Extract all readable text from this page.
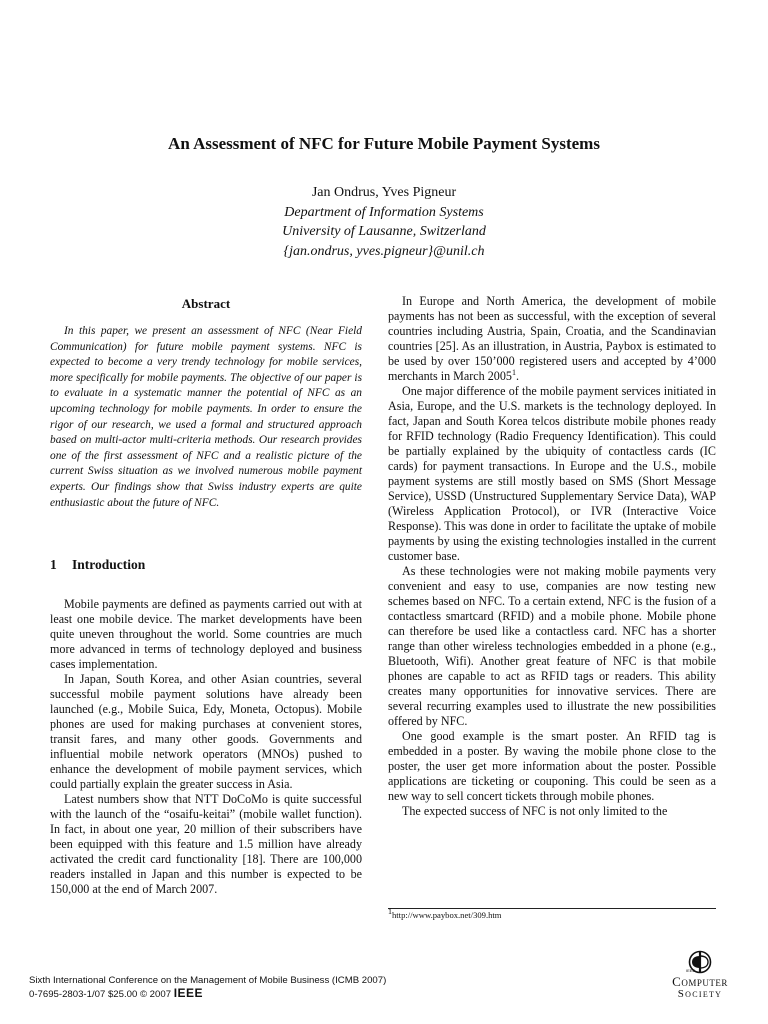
An Assessment of NFC for Future Mobile Payment Systems
Jan Ondrus, Yves Pigneur
Department of Information Systems
University of Lausanne, Switzerland
{jan.ondrus, yves.pigneur}@unil.ch
Abstract

In this paper, we present an assessment of NFC (Near Field Communication) for future mobile payment systems. NFC is expected to become a very trendy technology for mobile services, more specifically for mobile payments. The objective of our paper is to evaluate in a systematic manner the potential of NFC as an upcoming technology for mobile payments. In order to ensure the rigor of our research, we used a formal and structured approach based on multi-actor multi-criteria methods. Our research provides one of the first assessment of NFC and a realistic picture of the current Swiss situation as we involved numerous mobile payment experts. Our findings show that Swiss industry experts are quite enthusiastic about the future of NFC.

1 Introduction

Mobile payments are defined as payments carried out with at least one mobile device. The market developments have been quite uneven throughout the world. Some countries are much more advanced in terms of technology deployed and business cases implementation.

In Japan, South Korea, and other Asian countries, several successful mobile payment solutions have already been launched (e.g., Mobile Suica, Edy, Moneta, Octopus). Mobile phones are used for making purchases at convenient stores, transit fares, and many other goods. Governments and influential mobile network operators (MNOs) pushed to enhance the development of mobile payment services, which could partially explain the greater success in Asia.

Latest numbers show that NTT DoCoMo is quite successful with the launch of the “osaifu-keitai” (mobile wallet function). In fact, in about one year, 20 million of their subscribers have been equipped with this feature and 1.5 million have already activated the credit card functionality [18]. There are 100,000 readers installed in Japan and this number is expected to be 150,000 at the end of March 2007.

In Europe and North America, the development of mobile payments has not been as successful, with the exception of several countries including Austria, Spain, Croatia, and the Scandinavian countries [25]. As an illustration, in Austria, Paybox is estimated to be used by over 150’000 registered users and accepted by 4’000 merchants in March 2005$^1$.

One major difference of the mobile payment services initiated in Asia, Europe, and the U.S. markets is the technology deployed. In fact, Japan and South Korea telcos distribute mobile phones ready for RFID technology (Radio Frequency Identification). This could be partially explained by the ubiquity of contactless cards (IC cards) for payment transactions. In Europe and the U.S., mobile payment systems are still mostly based on SMS (Short Message Service), USSD (Unstructured Supplementary Service Data), WAP (Wireless Application Protocol), or IVR (Interactive Voice Response). This was done in order to facilitate the uptake of mobile payments by using the existing technologies installed in the current customer base.

As these technologies were not making mobile payments very convenient and easy to use, companies are now testing new schemes based on NFC. To a certain extend, NFC is the fusion of a contactless smartcard (RFID) and a mobile phone. Mobile phone can therefore be used like a contactless card. NFC has a shorter range than other wireless technologies embedded in a phone (e.g., Bluetooth, Wifi). Another great feature of NFC is that mobile phones are capable to act as RFID tags or readers. This ability creates many opportunities for innovative services. There are several recurring examples used to illustrate the new possibilities offered by NFC.

One good example is the smart poster. An RFID tag is embedded in a poster. By waving the mobile phone close to the poster, the user get more information about the poster. Possible applications are ticketing or couponing. This could be seen as a new way to sell concert tickets through mobile phones.

The expected success of NFC is not only limited to the

$^1$http://www.paybox.net/309.htm
Sixth International Conference on the Management of Mobile Business (ICMB 2007)
0-7695-2803-1/07 $25.00 © 2007 IEEE
IEEE
Computer
Society
